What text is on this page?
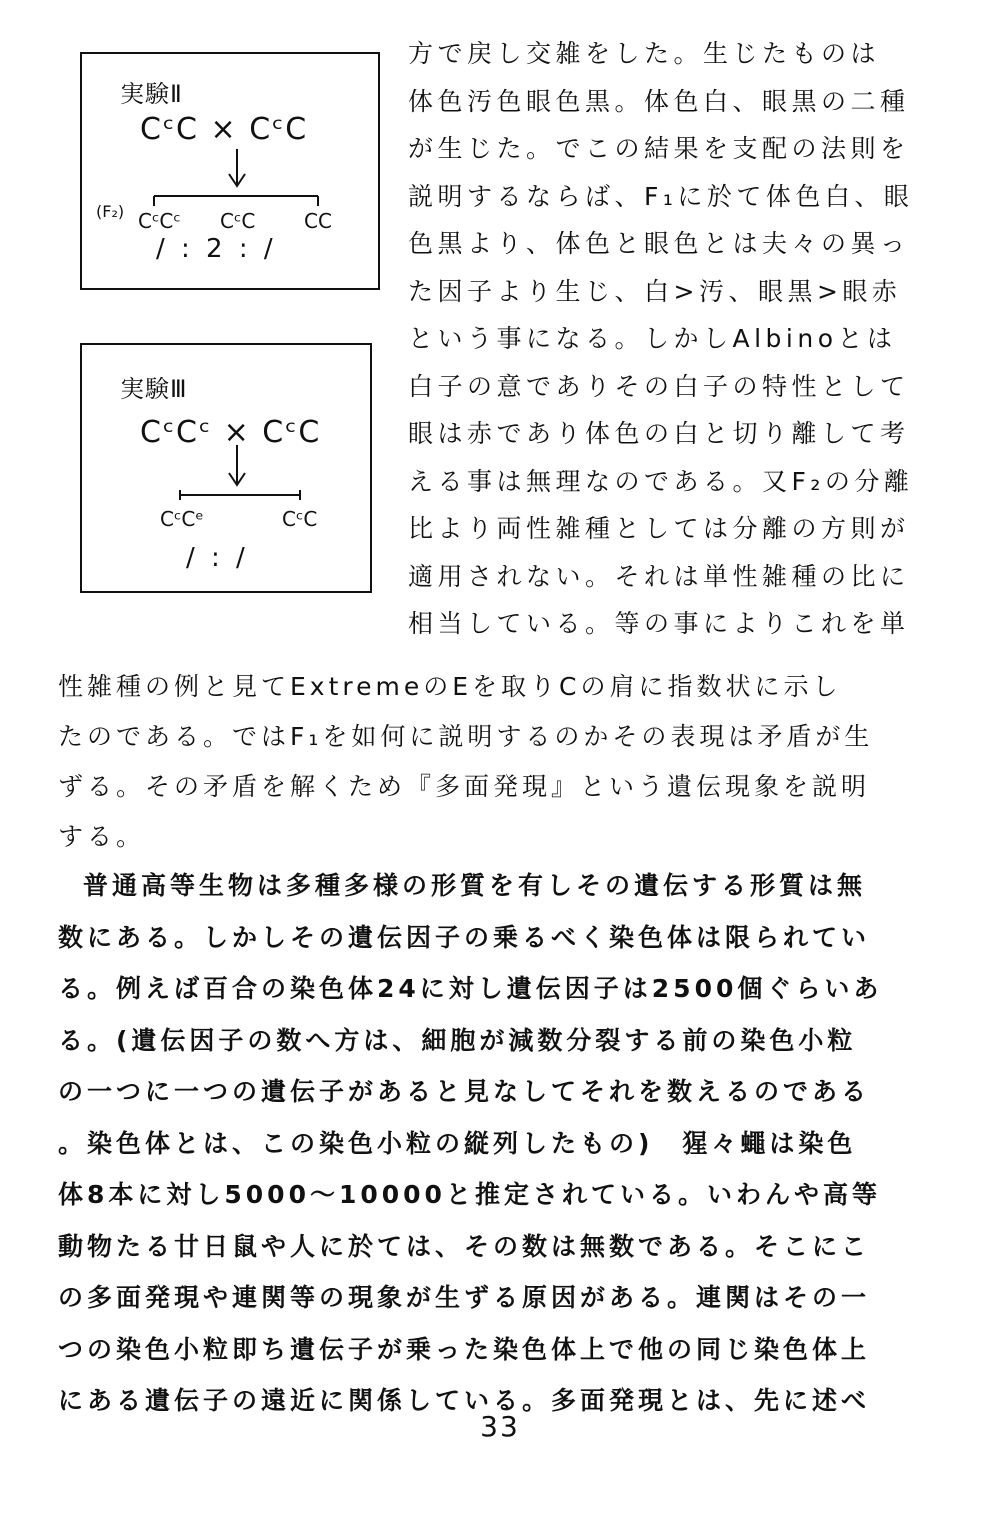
実験Ⅱ
CᶜC × CᶜC
(F₂) CᶜCᶜ CᶜC CC
/ : 2 : /
実験Ⅲ
CᶜCᶜ × CᶜC
CᶜCᵉ	CᶜC
/ : /
方で戻し交雑をした。生じたものは
体色汚色眼色黒。体色白、眼黒の二種
が生じた。でこの結果を支配の法則を
説明するならば、F₁に於て体色白、眼
色黒より、体色と眼色とは夫々の異っ
た因子より生じ、白>汚、眼黒>眼赤
という事になる。しかしAlbinoとは
白子の意でありその白子の特性として
眼は赤であり体色の白と切り離して考
える事は無理なのである。又F₂の分離
比より両性雑種としては分離の方則が
適用されない。それは単性雑種の比に
相当している。等の事によりこれを単
性雑種の例と見てExtremeのEを取りCの肩に指数状に示し
たのである。ではF₁を如何に説明するのかその表現は矛盾が生
ずる。その矛盾を解くため『多面発現』という遺伝現象を説明
する。
普通高等生物は多種多様の形質を有しその遺伝する形質は無
数にある。しかしその遺伝因子の乗るべく染色体は限られてい
る。例えば百合の染色体24に対し遺伝因子は2500個ぐらいあ
る。(遺伝因子の数へ方は、細胞が減数分裂する前の染色小粒
の一つに一つの遺伝子があると見なしてそれを数えるのである
。染色体とは、この染色小粒の縦列したもの)　猩々蠅は染色
体8本に対し5000～10000と推定されている。いわんや高等
動物たる廿日鼠や人に於ては、その数は無数である。そこにこ
の多面発現や連関等の現象が生ずる原因がある。連関はその一
つの染色小粒即ち遺伝子が乗った染色体上で他の同じ染色体上
にある遺伝子の遠近に関係している。多面発現とは、先に述べ
33
